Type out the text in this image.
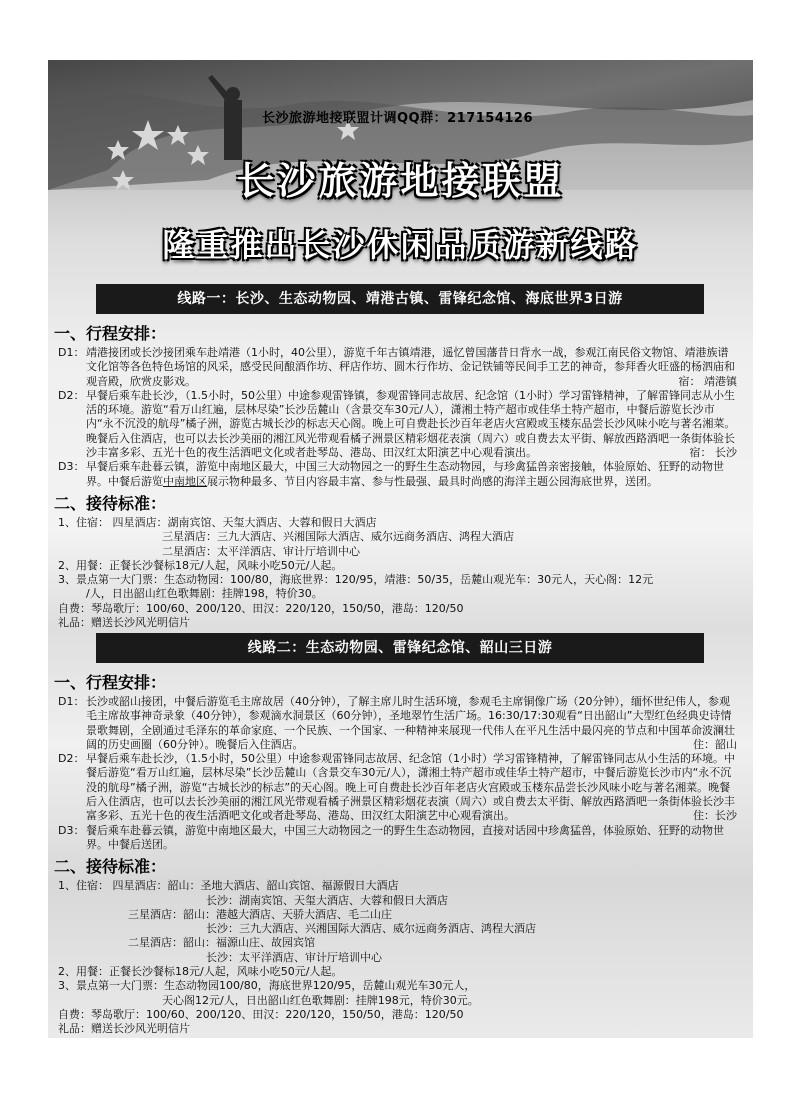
长沙旅游地接联盟计调QQ群：217154126
长沙旅游地接联盟
隆重推出长沙休闲品质游新线路
线路一：长沙、生态动物园、靖港古镇、雷锋纪念馆、海底世界3日游
一、行程安排：
D1： 靖港接团或长沙接团乘车赴靖港（1小时，40公里），游览千年古镇靖港，遥忆曾国藩昔日背水一战，参观江南民俗文物馆、靖港族谱文化馆等各色特色场馆的风采，感受民间酿酒作坊、秤店作坊、圆木行作坊、金记铁铺等民间手工艺的神奇，参拜香火旺盛的杨泗庙和观音殿，欣赏皮影戏。	宿： 靖港镇
D2： 早餐后乘车赴长沙，（1.5小时，50公里）中途参观雷锋镇，参观雷锋同志故居、纪念馆（1小时）学习雷锋精神，了解雷锋同志从小生活的环境。游览“看万山红遍，层林尽染”长沙岳麓山（含景交车30元/人），潇湘土特产超市或佳华土特产超市，中餐后游览长沙市内“永不沉没的航母”橘子洲，游览古城长沙的标志天心阁。晚上可自费赴长沙百年老店火宫殿或玉楼东品尝长沙风味小吃与著名湘菜。晚餐后入住酒店，也可以去长沙美丽的湘江风光带观看橘子洲景区精彩烟花表演（周六）或自费去太平街、解放西路酒吧一条街体验长沙丰富多彩、五光十色的夜生活酒吧文化或者赴琴岛、港岛、田汉红太阳演艺中心观看演出。	宿： 长沙
D3： 早餐后乘车赴暮云镇，游览中南地区最大，中国三大动物园之一的野生生态动物园，与珍禽猛兽亲密接触，体验原始、狂野的动物世界。中餐后游览中南地区展示物种最多、节目内容最丰富、参与性最强、最具时尚感的海洋主题公园海底世界，送团。
二、接待标准：
1、住宿： 四星酒店：湖南宾馆、天玺大酒店、大蓉和假日大酒店
三星酒店：三九大酒店、兴湘国际大酒店、威尔远商务酒店、鸿程大酒店
二星酒店：太平洋酒店、审计厅培训中心
2、用餐：正餐长沙餐标18元/人起，风味小吃50元/人起。
3、景点第一大门票：生态动物园：100/80，海底世界：120/95，靖港：50/35，岳麓山观光车：30元人，天心阁：12元
/人，日出韶山红色歌舞剧：挂牌198，特价30。
自费：琴岛歌厅：100/60、200/120、田汉：220/120，150/50，港岛：120/50
礼品：赠送长沙风光明信片
线路二：生态动物园、雷锋纪念馆、韶山三日游
一、行程安排：
D1： 长沙或韶山接团，中餐后游览毛主席故居（40分钟），了解主席儿时生活环境，参观毛主席铜像广场（20分钟），缅怀世纪伟人，参观毛主席故事神奇录象（40分钟），参观滴水洞景区（60分钟），圣地翠竹生活广场。16:30/17:30观看“日出韶山”大型红色经典史诗情景歌舞剧，全剧通过毛泽东的革命家庭、一个民族、一个国家、一种精神来展现一代伟人在平凡生活中最闪亮的节点和中国革命波澜壮阔的历史画圈（60分钟）。晚餐后入住酒店。	住：韶山
D2： 早餐后乘车赴长沙，（1.5小时，50公里）中途参观雷锋同志故居、纪念馆（1小时）学习雷锋精神，了解雷锋同志从小生活的环境。中餐后游览“看万山红遍，层林尽染”长沙岳麓山（含景交车30元/人），潇湘土特产超市或佳华土特产超市，中餐后游览长沙市内“永不沉没的航母”橘子洲，游览“古城长沙的标志”的天心阁。晚上可自费赴长沙百年老店火宫殿或玉楼东品尝长沙风味小吃与著名湘菜。晚餐后入住酒店，也可以去长沙美丽的湘江风光带观看橘子洲景区精彩烟花表演（周六）或自费去太平街、解放西路酒吧一条街体验长沙丰富多彩、五光十色的夜生活酒吧文化或者赴琴岛、港岛、田汉红太阳演艺中心观看演出。	住：长沙
D3： 餐后乘车赴暮云镇，游览中南地区最大，中国三大动物园之一的野生生态动物园，直接对话园中珍禽猛兽，体验原始、狂野的动物世界。中餐后送团。
二、接待标准：
1、住宿： 四星酒店：韶山：圣地大酒店、韶山宾馆、福源假日大酒店
长沙：湖南宾馆、天玺大酒店、大蓉和假日大酒店
三星酒店：韶山：港越大酒店、天骄大酒店、毛二山庄
长沙：三九大酒店、兴湘国际大酒店、威尔远商务酒店、鸿程大酒店
二星酒店：韶山：福源山庄、故园宾馆
长沙：太平洋酒店、审计厅培训中心
2、用餐：正餐长沙餐标18元/人起，风味小吃50元/人起。
3、景点第一大门票：生态动物园100/80，海底世界120/95，岳麓山观光车30元人，
天心阁12元/人，日出韶山红色歌舞剧：挂牌198元，特价30元。
自费：琴岛歌厅：100/60、200/120、田汉：220/120，150/50，港岛：120/50
礼品：赠送长沙风光明信片
